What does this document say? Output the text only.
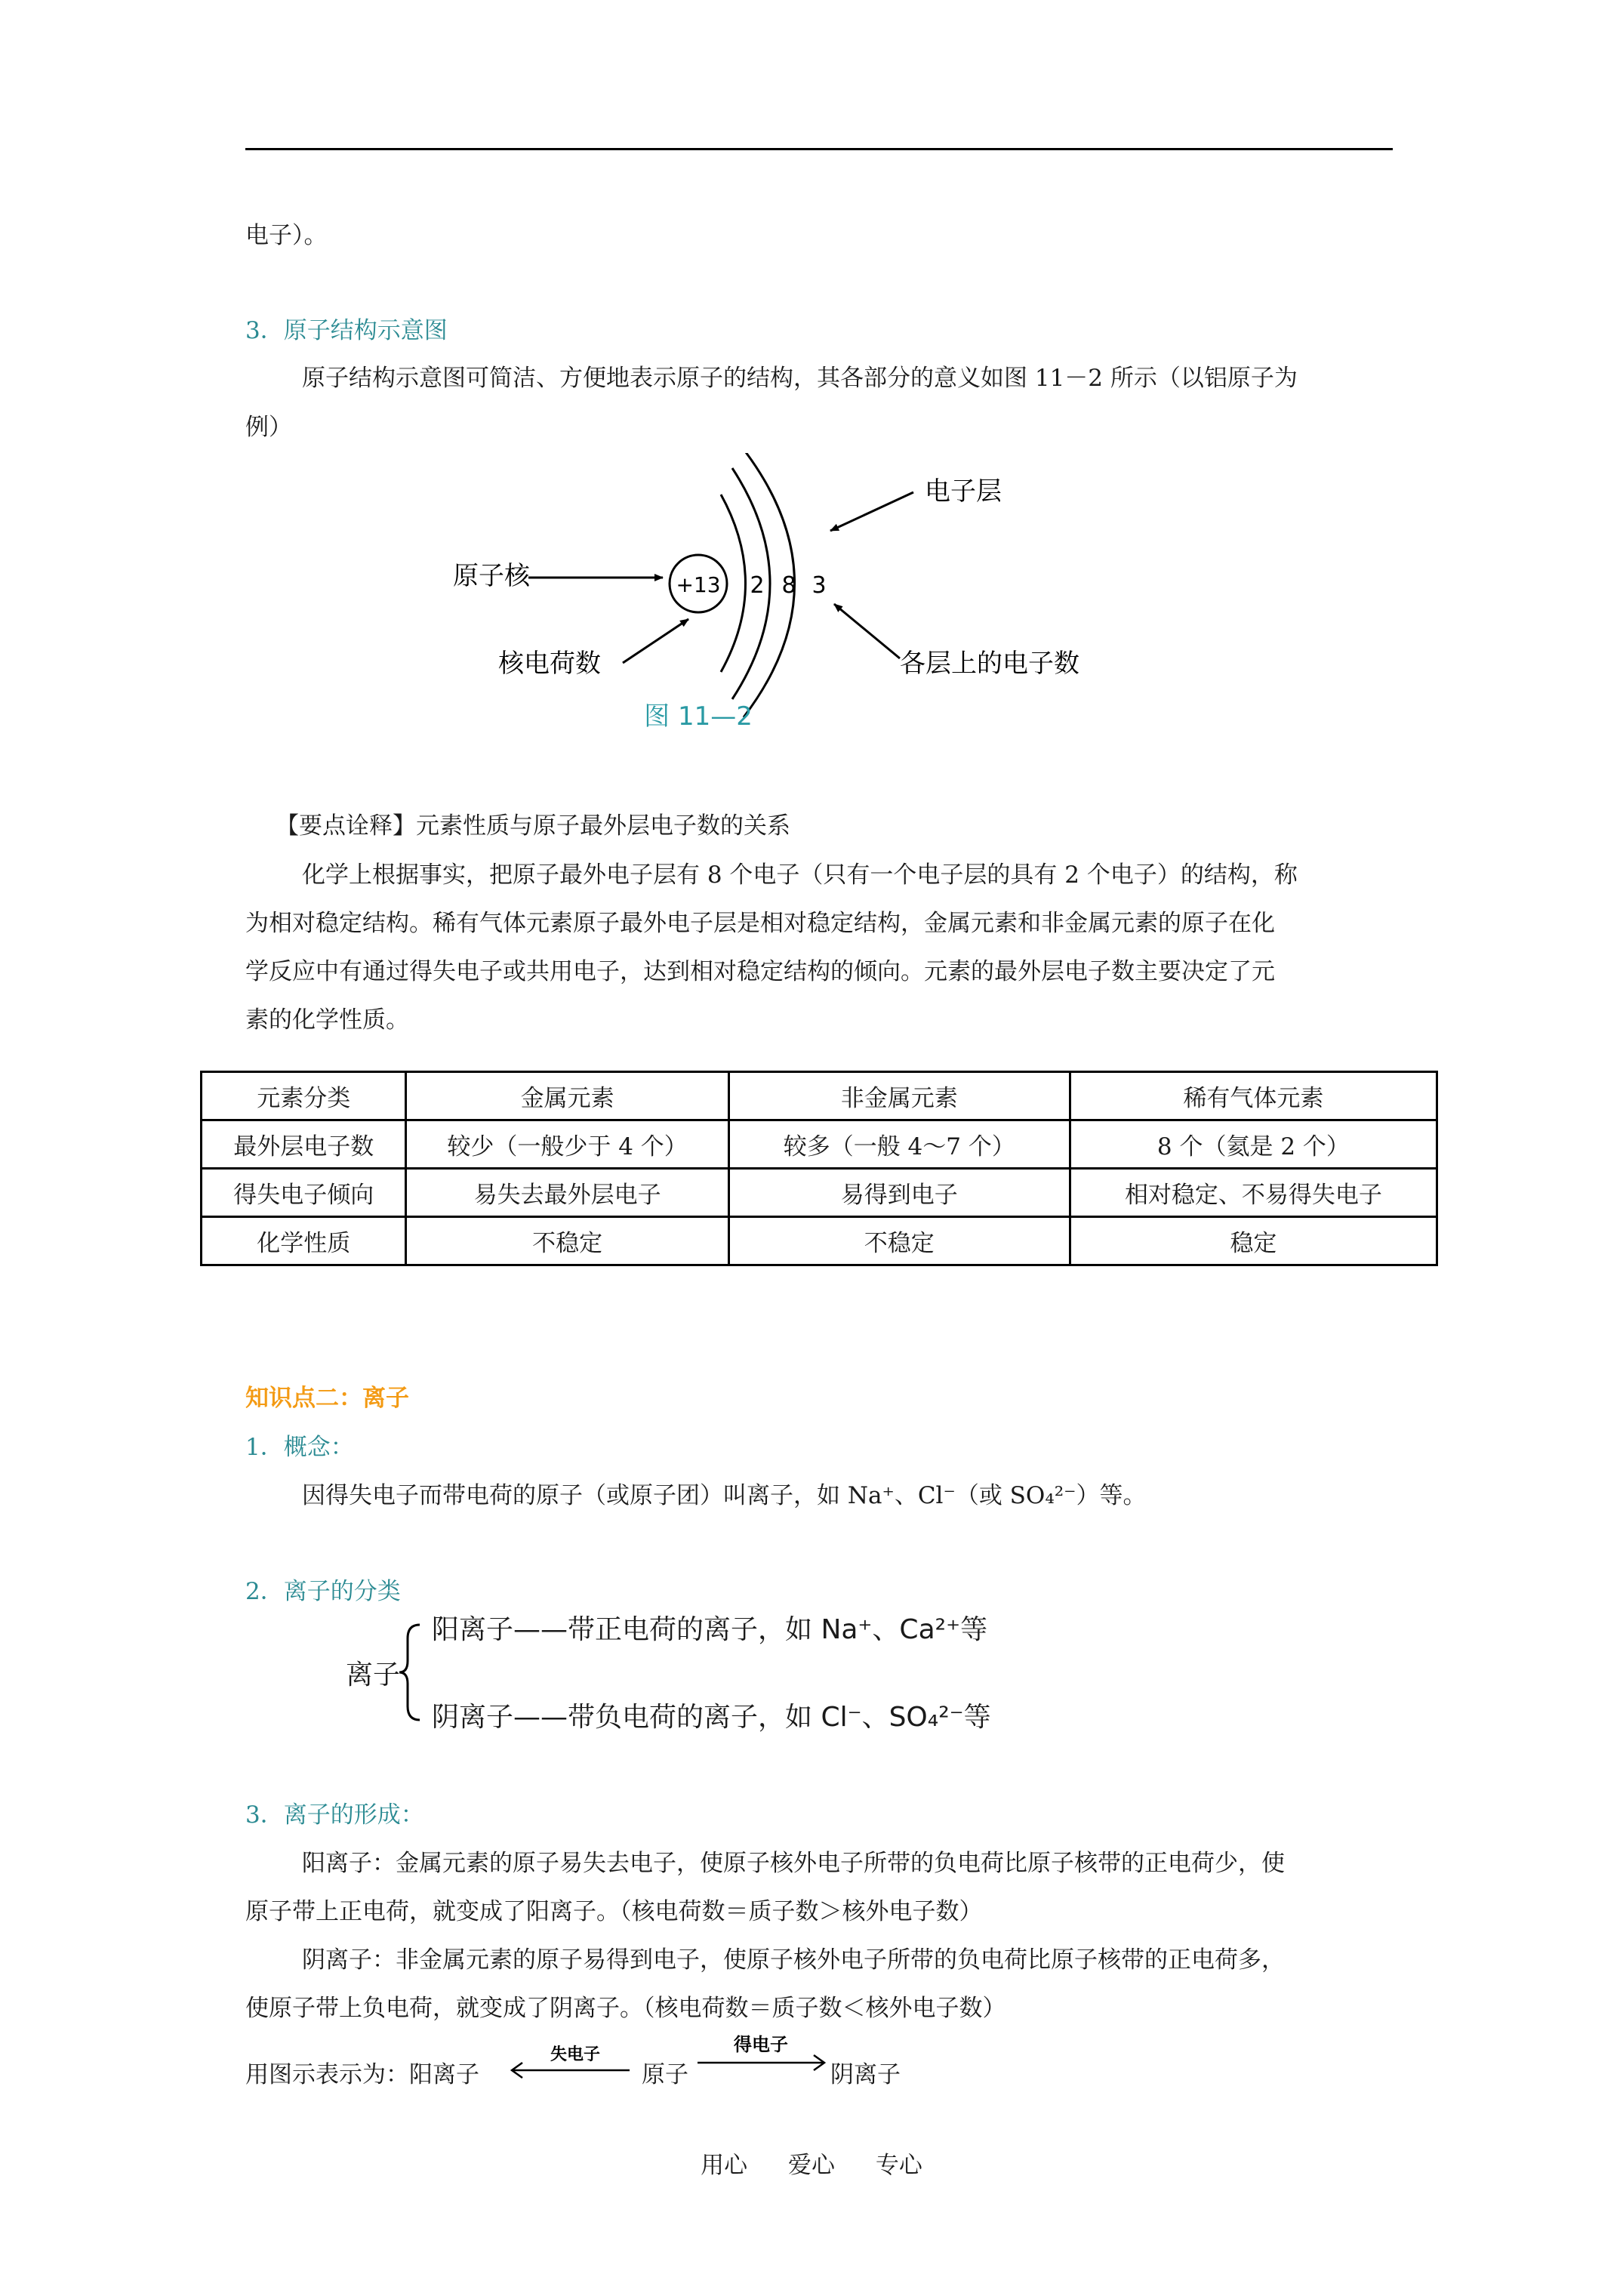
电子）。
3．原子结构示意图
原子结构示意图可简洁、方便地表示原子的结构，其各部分的意义如图 11－2 所示（以铝原子为
例）
+13 2 8 3
电子层
原子核
核电荷数	各层上的电子数
图 11—2
【要点诠释】元素性质与原子最外层电子数的关系
化学上根据事实，把原子最外电子层有 8 个电子（只有一个电子层的具有 2 个电子）的结构，称
为相对稳定结构。稀有气体元素原子最外电子层是相对稳定结构，金属元素和非金属元素的原子在化
学反应中有通过得失电子或共用电子，达到相对稳定结构的倾向。元素的最外层电子数主要决定了元
素的化学性质。
元素分类	金属元素	非金属元素	稀有气体元素
最外层电子数	较少（一般少于 4 个）	较多（一般 4～7 个）	8 个（氦是 2 个）
得失电子倾向	易失去最外层电子	易得到电子	相对稳定、不易得失电子
化学性质	不稳定	不稳定	稳定
知识点二：离子
1．概念：
因得失电子而带电荷的原子（或原子团）叫离子，如 Na⁺、Cl⁻（或 SO₄²⁻）等。
2．离子的分类
离子
阳离子——带正电荷的离子，如 Na⁺、Ca²⁺等
阴离子——带负电荷的离子，如 Cl⁻、SO₄²⁻等
3．离子的形成：
阳离子：金属元素的原子易失去电子，使原子核外电子所带的负电荷比原子核带的正电荷少，使
原子带上正电荷，就变成了阳离子。（核电荷数＝质子数＞核外电子数）
阴离子：非金属元素的原子易得到电子，使原子核外电子所带的负电荷比原子核带的正电荷多，
使原子带上负电荷，就变成了阴离子。（核电荷数＝质子数＜核外电子数）
用图示表示为：阳离子
失电子
原子
得电子
阴离子
用心 爱心 专心
